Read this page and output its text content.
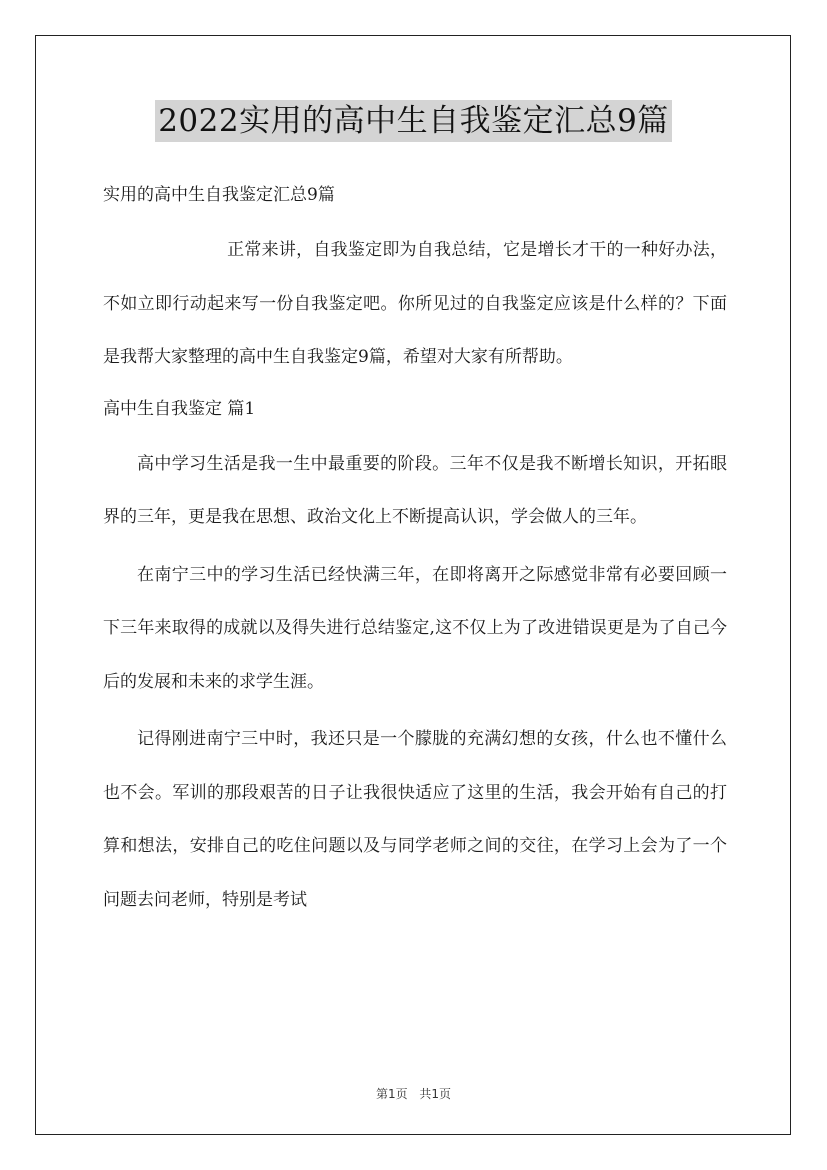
2022实用的高中生自我鉴定汇总9篇
实用的高中生自我鉴定汇总9篇

正常来讲，自我鉴定即为自我总结，它是增长才干的一种好办法，不如立即行动起来写一份自我鉴定吧。你所见过的自我鉴定应该是什么样的？下面是我帮大家整理的高中生自我鉴定9篇，希望对大家有所帮助。

高中生自我鉴定 篇1

高中学习生活是我一生中最重要的阶段。三年不仅是我不断增长知识，开拓眼界的三年，更是我在思想、政治文化上不断提高认识，学会做人的三年。

在南宁三中的学习生活已经快满三年，在即将离开之际感觉非常有必要回顾一下三年来取得的成就以及得失进行总结鉴定,这不仅上为了改进错误更是为了自己今后的发展和未来的求学生涯。

记得刚进南宁三中时，我还只是一个朦胧的充满幻想的女孩，什么也不懂什么也不会。军训的那段艰苦的日子让我很快适应了这里的生活，我会开始有自己的打算和想法，安排自己的吃住问题以及与同学老师之间的交往，在学习上会为了一个问题去问老师，特别是考试

第1页 共1页
